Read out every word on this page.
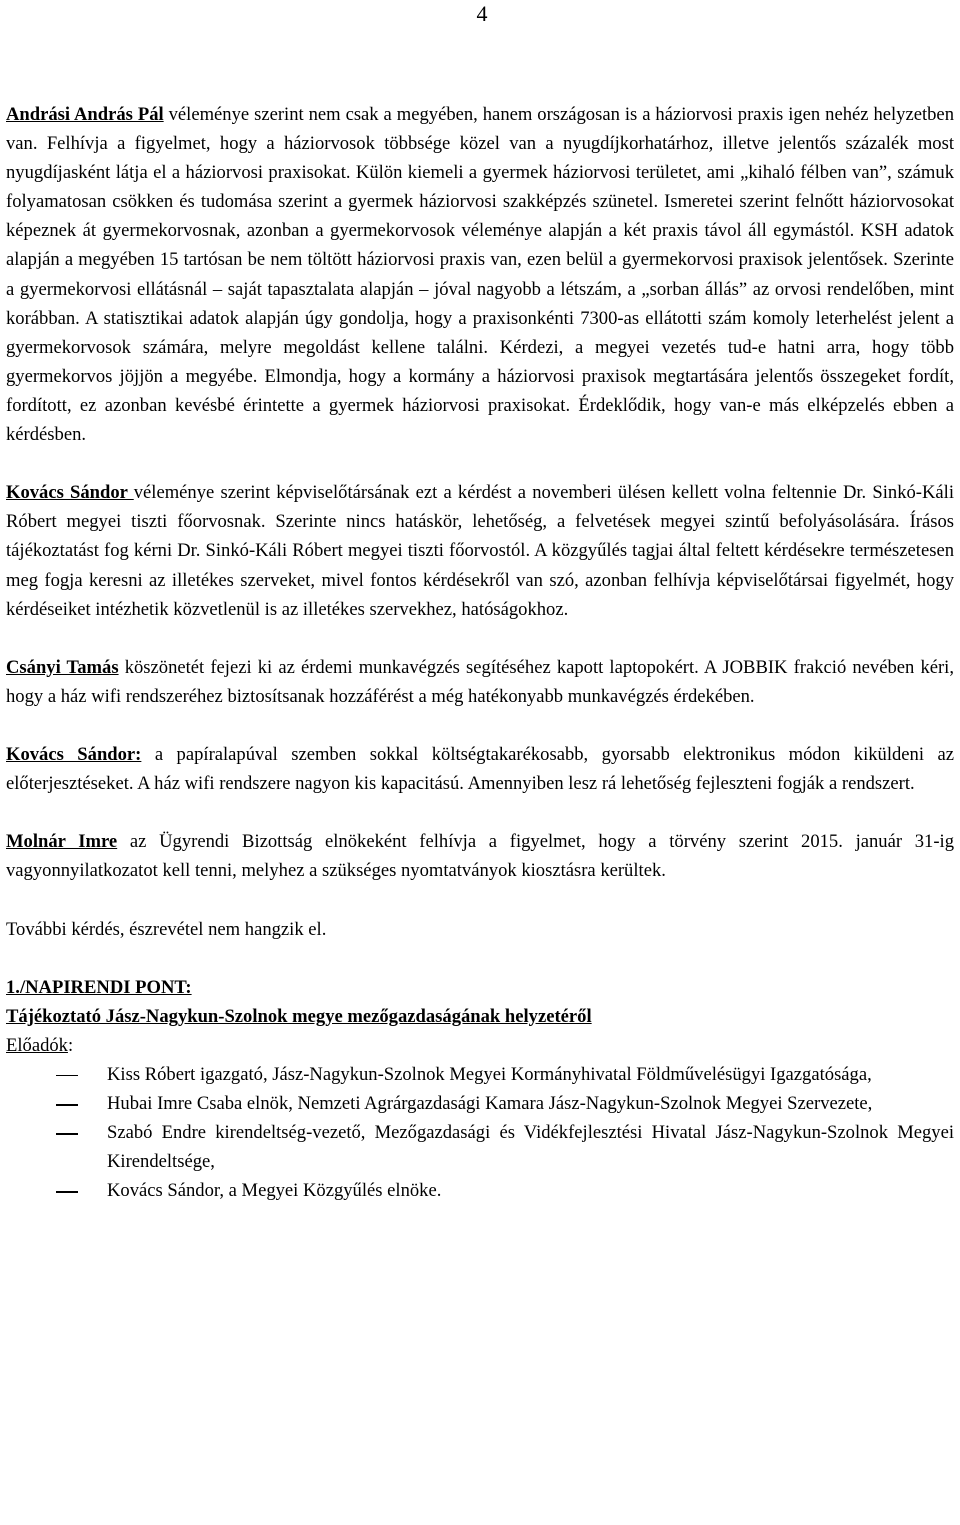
4

Andrási András Pál véleménye szerint nem csak a megyében, hanem országosan is a háziorvosi praxis igen nehéz helyzetben van. Felhívja a figyelmet, hogy a háziorvosok többsége közel van a nyugdíjkorhatárhoz, illetve jelentős százalék most nyugdíjasként látja el a háziorvosi praxisokat. Külön kiemeli a gyermek háziorvosi területet, ami „kihaló félben van”, számuk folyamatosan csökken és tudomása szerint a gyermek háziorvosi szakképzés szünetel. Ismeretei szerint felnőtt háziorvosokat képeznek át gyermekorvosnak, azonban a gyermekorvosok véleménye alapján a két praxis távol áll egymástól. KSH adatok alapján a megyében 15 tartósan be nem töltött háziorvosi praxis van, ezen belül a gyermekorvosi praxisok jelentősek. Szerinte a gyermekorvosi ellátásnál – saját tapasztalata alapján – jóval nagyobb a létszám, a „sorban állás” az orvosi rendelőben, mint korábban. A statisztikai adatok alapján úgy gondolja, hogy a praxisonkénti 7300-as ellátotti szám komoly leterhelést jelent a gyermekorvosok számára, melyre megoldást kellene találni. Kérdezi, a megyei vezetés tud-e hatni arra, hogy több gyermekorvos jöjjön a megyébe. Elmondja, hogy a kormány a háziorvosi praxisok megtartására jelentős összegeket fordít, fordított, ez azonban kevésbé érintette a gyermek háziorvosi praxisokat. Érdeklődik, hogy van-e más elképzelés ebben a kérdésben.

Kovács Sándor véleménye szerint képviselőtársának ezt a kérdést a novemberi ülésen kellett volna feltennie Dr. Sinkó-Káli Róbert megyei tiszti főorvosnak. Szerinte nincs hatáskör, lehetőség, a felvetések megyei szintű befolyásolására. Írásos tájékoztatást fog kérni Dr. Sinkó-Káli Róbert megyei tiszti főorvostól. A közgyűlés tagjai által feltett kérdésekre természetesen meg fogja keresni az illetékes szerveket, mivel fontos kérdésekről van szó, azonban felhívja képviselőtársai figyelmét, hogy kérdéseiket intézhetik közvetlenül is az illetékes szervekhez, hatóságokhoz.

Csányi Tamás köszönetét fejezi ki az érdemi munkavégzés segítéséhez kapott laptopokért. A JOBBIK frakció nevében kéri, hogy a ház wifi rendszeréhez biztosítsanak hozzáférést a még hatékonyabb munkavégzés érdekében.

Kovács Sándor: a papíralapúval szemben sokkal költségtakarékosabb, gyorsabb elektronikus módon kiküldeni az előterjesztéseket. A ház wifi rendszere nagyon kis kapacitású. Amennyiben lesz rá lehetőség fejleszteni fogják a rendszert.

Molnár Imre az Ügyrendi Bizottság elnökeként felhívja a figyelmet, hogy a törvény szerint 2015. január 31-ig vagyonnyilatkozatot kell tenni, melyhez a szükséges nyomtatványok kiosztásra kerültek.

További kérdés, észrevétel nem hangzik el.

1./NAPIRENDI PONT:

Tájékoztató Jász-Nagykun-Szolnok megye mezőgazdaságának helyzetéről

Előadók:

Kiss Róbert igazgató, Jász-Nagykun-Szolnok Megyei Kormányhivatal Földművelésügyi Igazgatósága,
Hubai Imre Csaba elnök, Nemzeti Agrárgazdasági Kamara Jász-Nagykun-Szolnok Megyei Szervezete,
Szabó Endre kirendeltség-vezető, Mezőgazdasági és Vidékfejlesztési Hivatal Jász-Nagykun-Szolnok Megyei Kirendeltsége,
Kovács Sándor, a Megyei Közgyűlés elnöke.
